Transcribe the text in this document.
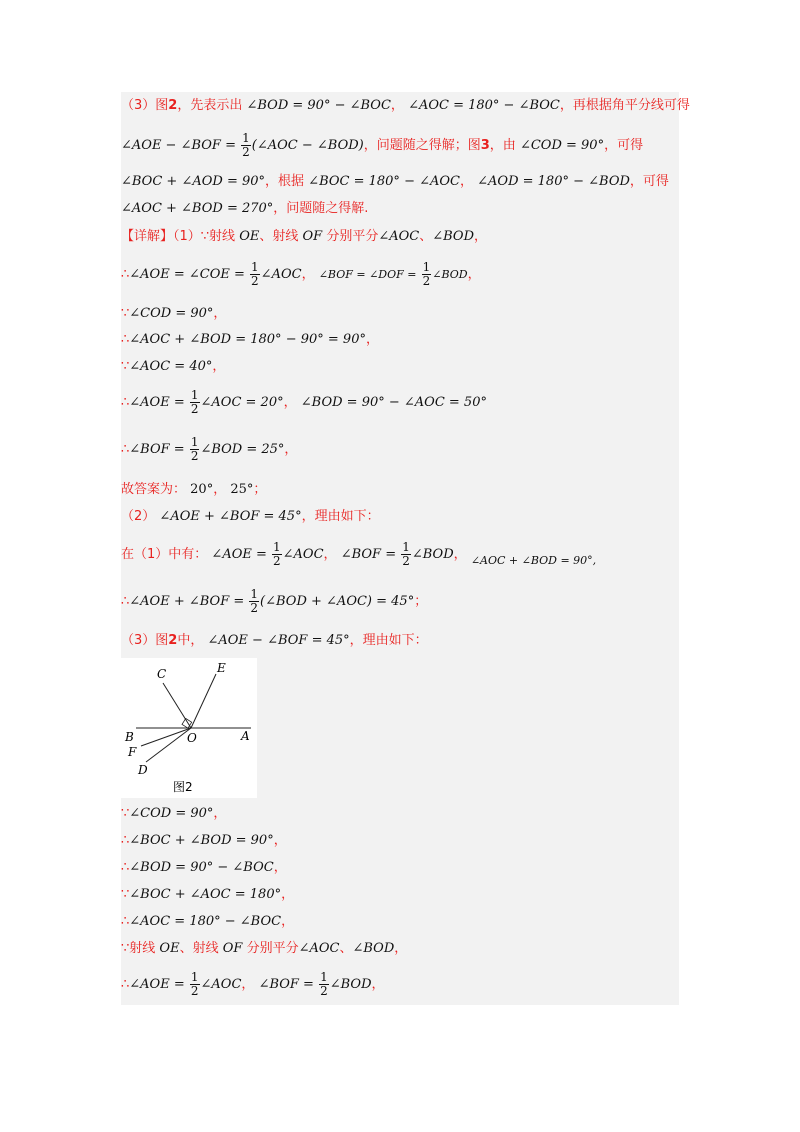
（3）图2，先表示出 ∠BOD = 90° − ∠BOC， ∠AOC = 180° − ∠BOC，再根据角平分线可得
∠AOE − ∠BOF = $\frac{1}{2}$ (∠AOC − ∠BOD)，问题随之得解；图3，由 ∠COD = 90°，可得
∠BOC + ∠AOD = 90°，根据 ∠BOC = 180° − ∠AOC， ∠AOD = 180° − ∠BOD，可得
∠AOC + ∠BOD = 270°，问题随之得解.
【详解】（1）∵射线 OE、射线 OF 分别平分∠AOC、∠BOD，
∴∠AOE = ∠COE = $\frac{1}{2}$ ∠AOC， ∠BOF = ∠DOF = $\frac{1}{2}$ ∠BOD，
∵∠COD = 90°，
∴∠AOC + ∠BOD = 180° − 90° = 90°，
∵∠AOC = 40°，
∴∠AOE = $\frac{1}{2}$ ∠AOC = 20°， ∠BOD = 90° − ∠AOC = 50°
∴∠BOF = $\frac{1}{2}$ ∠BOD = 25°，
故答案为： 20°， 25°；
（2） ∠AOE + ∠BOF = 45°，理由如下：
在（1）中有： ∠AOE = $\frac{1}{2}$ ∠AOC， ∠BOF = $\frac{1}{2}$ ∠BOD， $_{\angle AOC + \angle BOD = 90^\circ,}$
∴∠AOE + ∠BOF = $\frac{1}{2}$ (∠BOD + ∠AOC) = 45°；
（3）图2中， ∠AOE − ∠BOF = 45°，理由如下：
C	E
B	O	A
F
D
图2
∵∠COD = 90°，
∴∠BOC + ∠BOD = 90°，
∴∠BOD = 90° − ∠BOC，
∵∠BOC + ∠AOC = 180°，
∴∠AOC = 180° − ∠BOC，
∵射线 OE、射线 OF 分别平分∠AOC、∠BOD，
∴∠AOE = $\frac{1}{2}$ ∠AOC， ∠BOF = $\frac{1}{2}$ ∠BOD，
